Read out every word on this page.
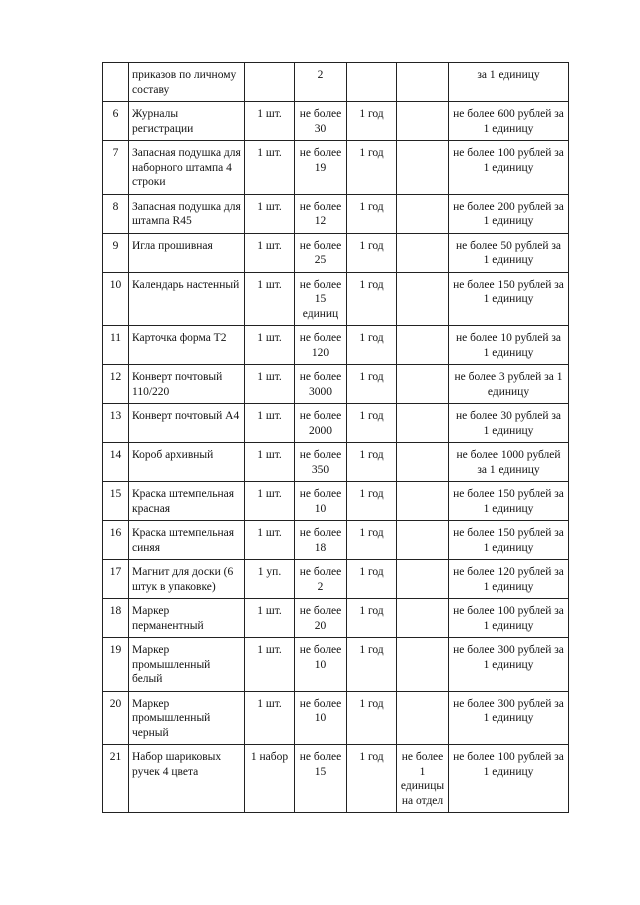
	приказов по личному составу		2			за 1 единицу
6	Журналы регистрации	1 шт.	не более 30	1 год		не более 600 рублей за 1 единицу
7	Запасная подушка для наборного штампа 4 строки	1 шт.	не более 19	1 год		не более 100 рублей за 1 единицу
8	Запасная подушка для штампа R45	1 шт.	не более 12	1 год		не более 200 рублей за 1 единицу
9	Игла прошивная	1 шт.	не более 25	1 год		не более 50 рублей за 1 единицу
10	Календарь настенный	1 шт.	не более 15 единиц	1 год		не более 150 рублей за 1 единицу
11	Карточка форма Т2	1 шт.	не более 120	1 год		не более 10 рублей за 1 единицу
12	Конверт почтовый 110/220	1 шт.	не более 3000	1 год		не более 3 рублей за 1 единицу
13	Конверт почтовый А4	1 шт.	не более 2000	1 год		не более 30 рублей за 1 единицу
14	Короб архивный	1 шт.	не более 350	1 год		не более 1000 рублей за 1 единицу
15	Краска штемпельная красная	1 шт.	не более 10	1 год		не более 150 рублей за 1 единицу
16	Краска штемпельная синяя	1 шт.	не более 18	1 год		не более 150 рублей за 1 единицу
17	Магнит для доски (6 штук в упаковке)	1 уп.	не более 2	1 год		не более 120 рублей за 1 единицу
18	Маркер перманентный	1 шт.	не более 20	1 год		не более 100 рублей за 1 единицу
19	Маркер промышленный белый	1 шт.	не более 10	1 год		не более 300 рублей за 1 единицу
20	Маркер промышленный черный	1 шт.	не более 10	1 год		не более 300 рублей за 1 единицу
21	Набор шариковых ручек 4 цвета	1 набор	не более 15	1 год	не более 1 единицы на отдел	не более 100 рублей за 1 единицу
